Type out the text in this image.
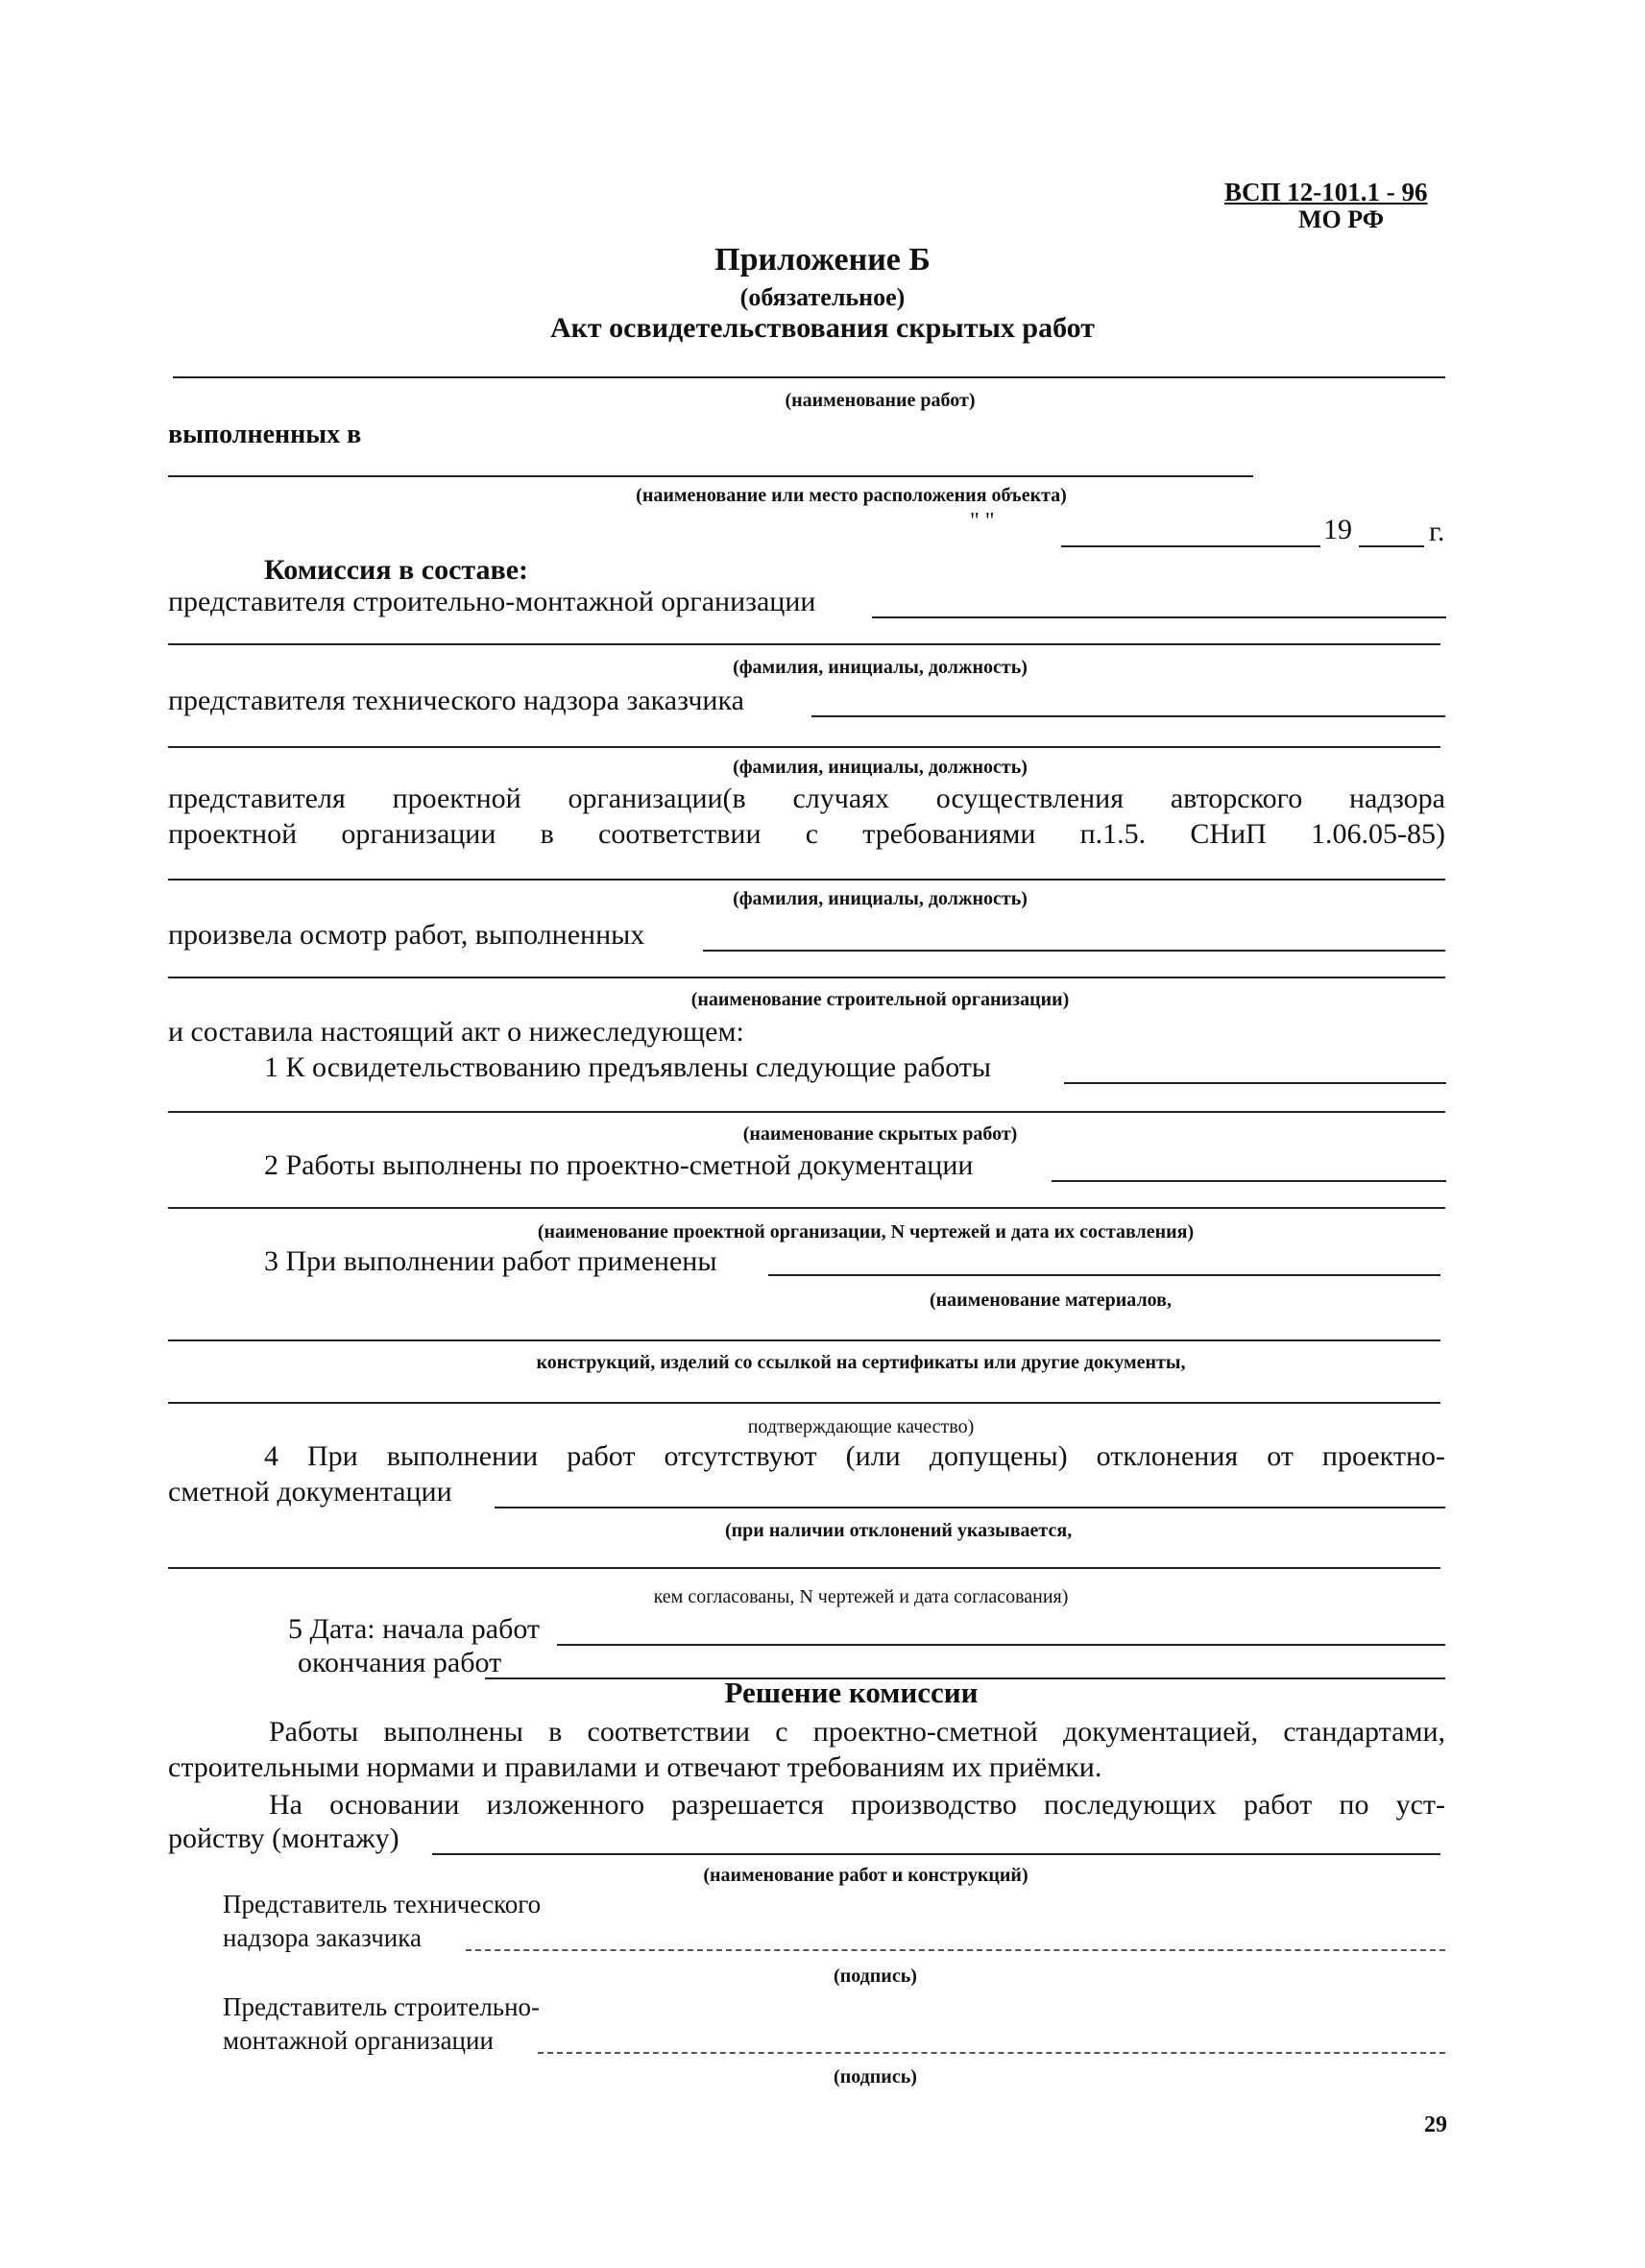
ВСП 12-101.1 - 96
МО РФ
Приложение Б
(обязательное)
Акт освидетельствования скрытых работ
(наименование работ)
выполненных в
(наименование или место расположения объекта)
" "	19	г.
Комиссия в составе:
представителя строительно-монтажной организации
(фамилия, инициалы, должность)
представителя технического надзора заказчика
(фамилия, инициалы, должность)
представителя проектной организации(в случаях осуществления авторского надзора
проектной организации в соответствии с требованиями п.1.5. СНиП 1.06.05-85)
(фамилия, инициалы, должность)
произвела осмотр работ, выполненных
(наименование строительной организации)
и составила настоящий акт о нижеследующем:
1 К освидетельствованию предъявлены следующие работы
(наименование скрытых работ)
2 Работы выполнены по проектно-сметной документации
(наименование проектной организации, N чертежей и дата их составления)
3 При выполнении работ применены
(наименование материалов,
конструкций, изделий со ссылкой на сертификаты или другие документы,
подтверждающие качество)
4 При выполнении работ отсутствуют (или допущены) отклонения от проектно-
сметной документации
(при наличии отклонений указывается,
кем согласованы, N чертежей и дата согласования)
5 Дата: начала работ
окончания работ
Решение комиссии
Работы выполнены в соответствии с проектно-сметной документацией, стандартами,
строительными нормами и правилами и отвечают требованиям их приёмки.
На основании изложенного разрешается производство последующих работ по уст-
ройству (монтажу)
(наименование работ и конструкций)
Представитель технического
надзора заказчика
(подпись)
Представитель строительно-
монтажной организации
(подпись)
29
